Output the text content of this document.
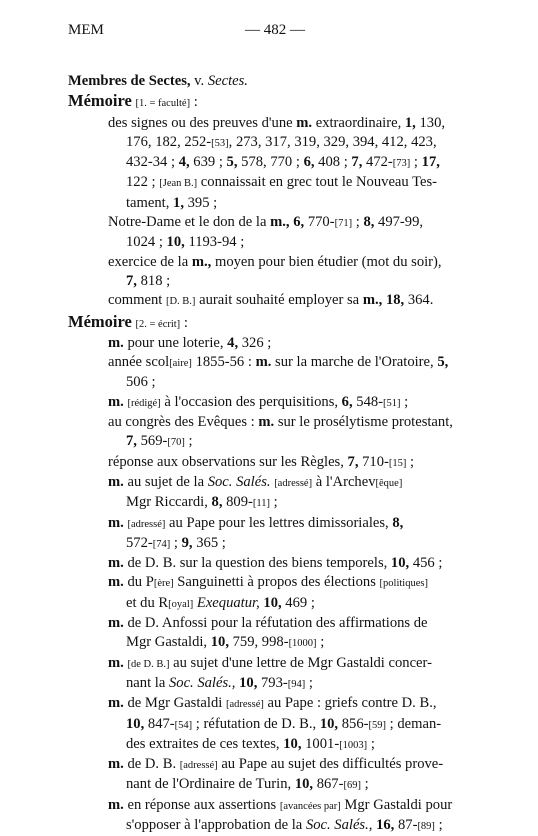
MEM	— 482 —
Membres de Sectes, v. Sectes.
Mémoire [1. = faculté] :
des signes ou des preuves d'une m. extraordinaire, 1, 130,
176, 182, 252-[53], 273, 317, 319, 329, 394, 412, 423,
432-34 ; 4, 639 ; 5, 578, 770 ; 6, 408 ; 7, 472-[73] ; 17,
122 ; [Jean B.] connaissait en grec tout le Nouveau Tes-
tament, 1, 395 ;
Notre-Dame et le don de la m., 6, 770-[71] ; 8, 497-99,
1024 ; 10, 1193-94 ;
exercice de la m., moyen pour bien étudier (mot du soir),
7, 818 ;
comment [D. B.] aurait souhaité employer sa m., 18, 364.
Mémoire [2. = écrit] :
m. pour une loterie, 4, 326 ;
année scol[aire] 1855-56 : m. sur la marche de l'Oratoire, 5,
506 ;
m. [rédigé] à l'occasion des perquisitions, 6, 548-[51] ;
au congrès des Evêques : m. sur le prosélytisme protestant,
7, 569-[70] ;
réponse aux observations sur les Règles, 7, 710-[15] ;
m. au sujet de la Soc. Salés. [adressé] à l'Archev[êque]
Mgr Riccardi, 8, 809-[11] ;
m. [adressé] au Pape pour les lettres dimissoriales, 8,
572-[74] ; 9, 365 ;
m. de D. B. sur la question des biens temporels, 10, 456 ;
m. du P[ère] Sanguinetti à propos des élections [politiques]
et du R[oyal] Exequatur, 10, 469 ;
m. de D. Anfossi pour la réfutation des affirmations de
Mgr Gastaldi, 10, 759, 998-[1000] ;
m. [de D. B.] au sujet d'une lettre de Mgr Gastaldi concer-
nant la Soc. Salés., 10, 793-[94] ;
m. de Mgr Gastaldi [adressé] au Pape : griefs contre D. B.,
10, 847-[54] ; réfutation de D. B., 10, 856-[59] ; deman-
des extraites de ces textes, 10, 1001-[1003] ;
m. de D. B. [adressé] au Pape au sujet des difficultés prove-
nant de l'Ordinaire de Turin, 10, 867-[69] ;
m. en réponse aux assertions [avancées par] Mgr Gastaldi pour
s'opposer à l'approbation de la Soc. Salés., 16, 87-[89] ;
